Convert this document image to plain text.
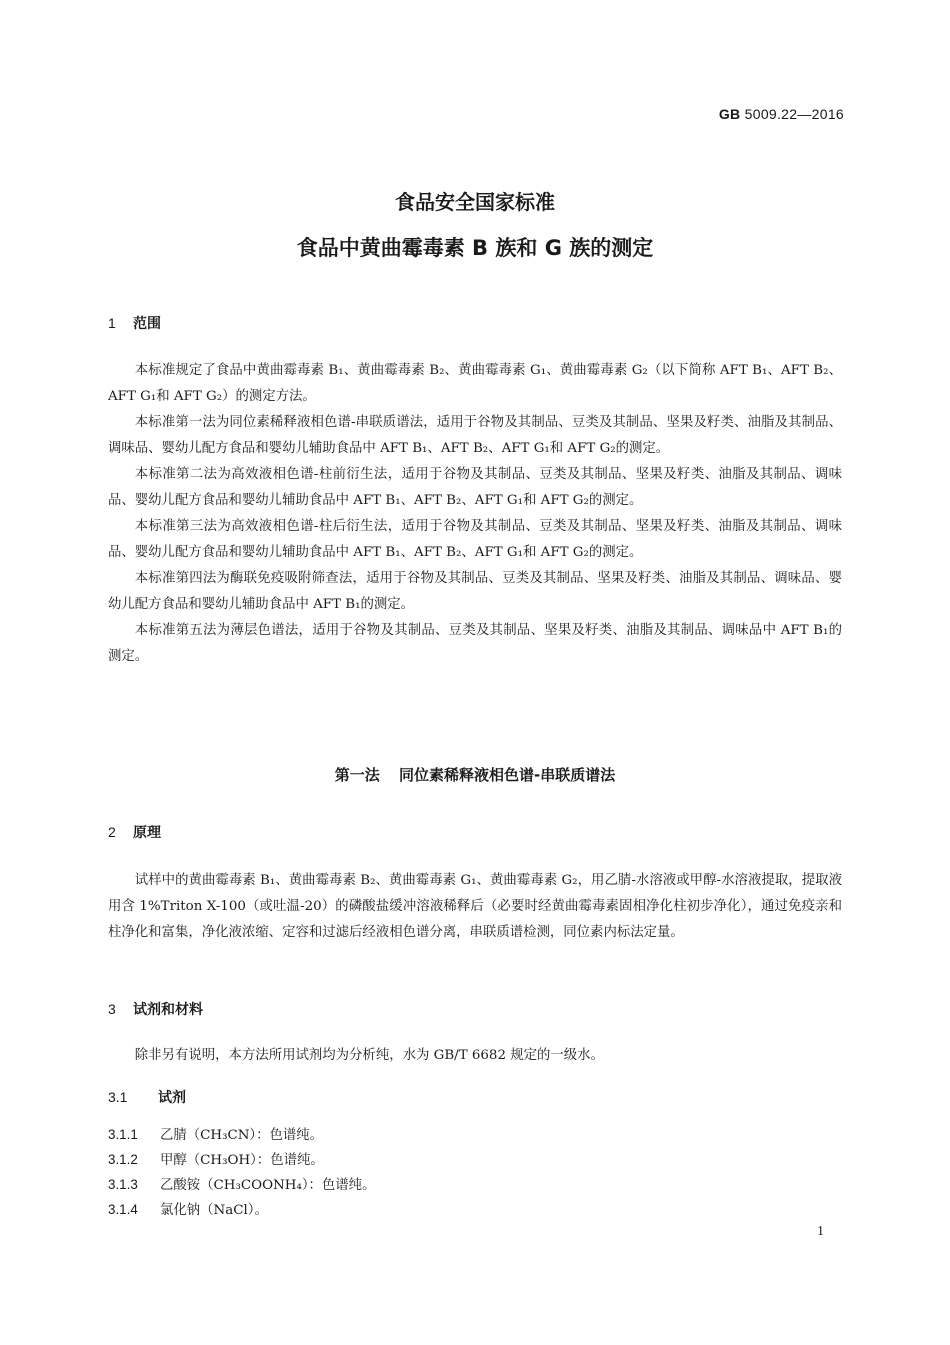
GB 5009.22—2016
食品安全国家标准
食品中黄曲霉毒素 B 族和 G 族的测定
1 范围

本标准规定了食品中黄曲霉毒素 B₁、黄曲霉毒素 B₂、黄曲霉毒素 G₁、黄曲霉毒素 G₂（以下简称 AFT B₁、AFT B₂、AFT G₁和 AFT G₂）的测定方法。

本标准第一法为同位素稀释液相色谱-串联质谱法，适用于谷物及其制品、豆类及其制品、坚果及籽类、油脂及其制品、调味品、婴幼儿配方食品和婴幼儿辅助食品中 AFT B₁、AFT B₂、AFT G₁和 AFT G₂的测定。

本标准第二法为高效液相色谱-柱前衍生法，适用于谷物及其制品、豆类及其制品、坚果及籽类、油脂及其制品、调味品、婴幼儿配方食品和婴幼儿辅助食品中 AFT B₁、AFT B₂、AFT G₁和 AFT G₂的测定。

本标准第三法为高效液相色谱-柱后衍生法，适用于谷物及其制品、豆类及其制品、坚果及籽类、油脂及其制品、调味品、婴幼儿配方食品和婴幼儿辅助食品中 AFT B₁、AFT B₂、AFT G₁和 AFT G₂的测定。

本标准第四法为酶联免疫吸附筛查法，适用于谷物及其制品、豆类及其制品、坚果及籽类、油脂及其制品、调味品、婴幼儿配方食品和婴幼儿辅助食品中 AFT B₁的测定。

本标准第五法为薄层色谱法，适用于谷物及其制品、豆类及其制品、坚果及籽类、油脂及其制品、调味品中 AFT B₁的测定。

第一法 同位素稀释液相色谱-串联质谱法
2 原理

试样中的黄曲霉毒素 B₁、黄曲霉毒素 B₂、黄曲霉毒素 G₁、黄曲霉毒素 G₂，用乙腈-水溶液或甲醇-水溶液提取，提取液用含 1%Triton X-100（或吐温-20）的磷酸盐缓冲溶液稀释后（必要时经黄曲霉毒素固相净化柱初步净化），通过免疫亲和柱净化和富集，净化液浓缩、定容和过滤后经液相色谱分离，串联质谱检测，同位素内标法定量。

3 试剂和材料

除非另有说明，本方法所用试剂均为分析纯，水为 GB/T 6682 规定的一级水。

3.1 试剂
3.1.1 乙腈（CH₃CN）：色谱纯。
3.1.2 甲醇（CH₃OH）：色谱纯。
3.1.3 乙酸铵（CH₃COONH₄）：色谱纯。
3.1.4 氯化钠（NaCl）。
1
